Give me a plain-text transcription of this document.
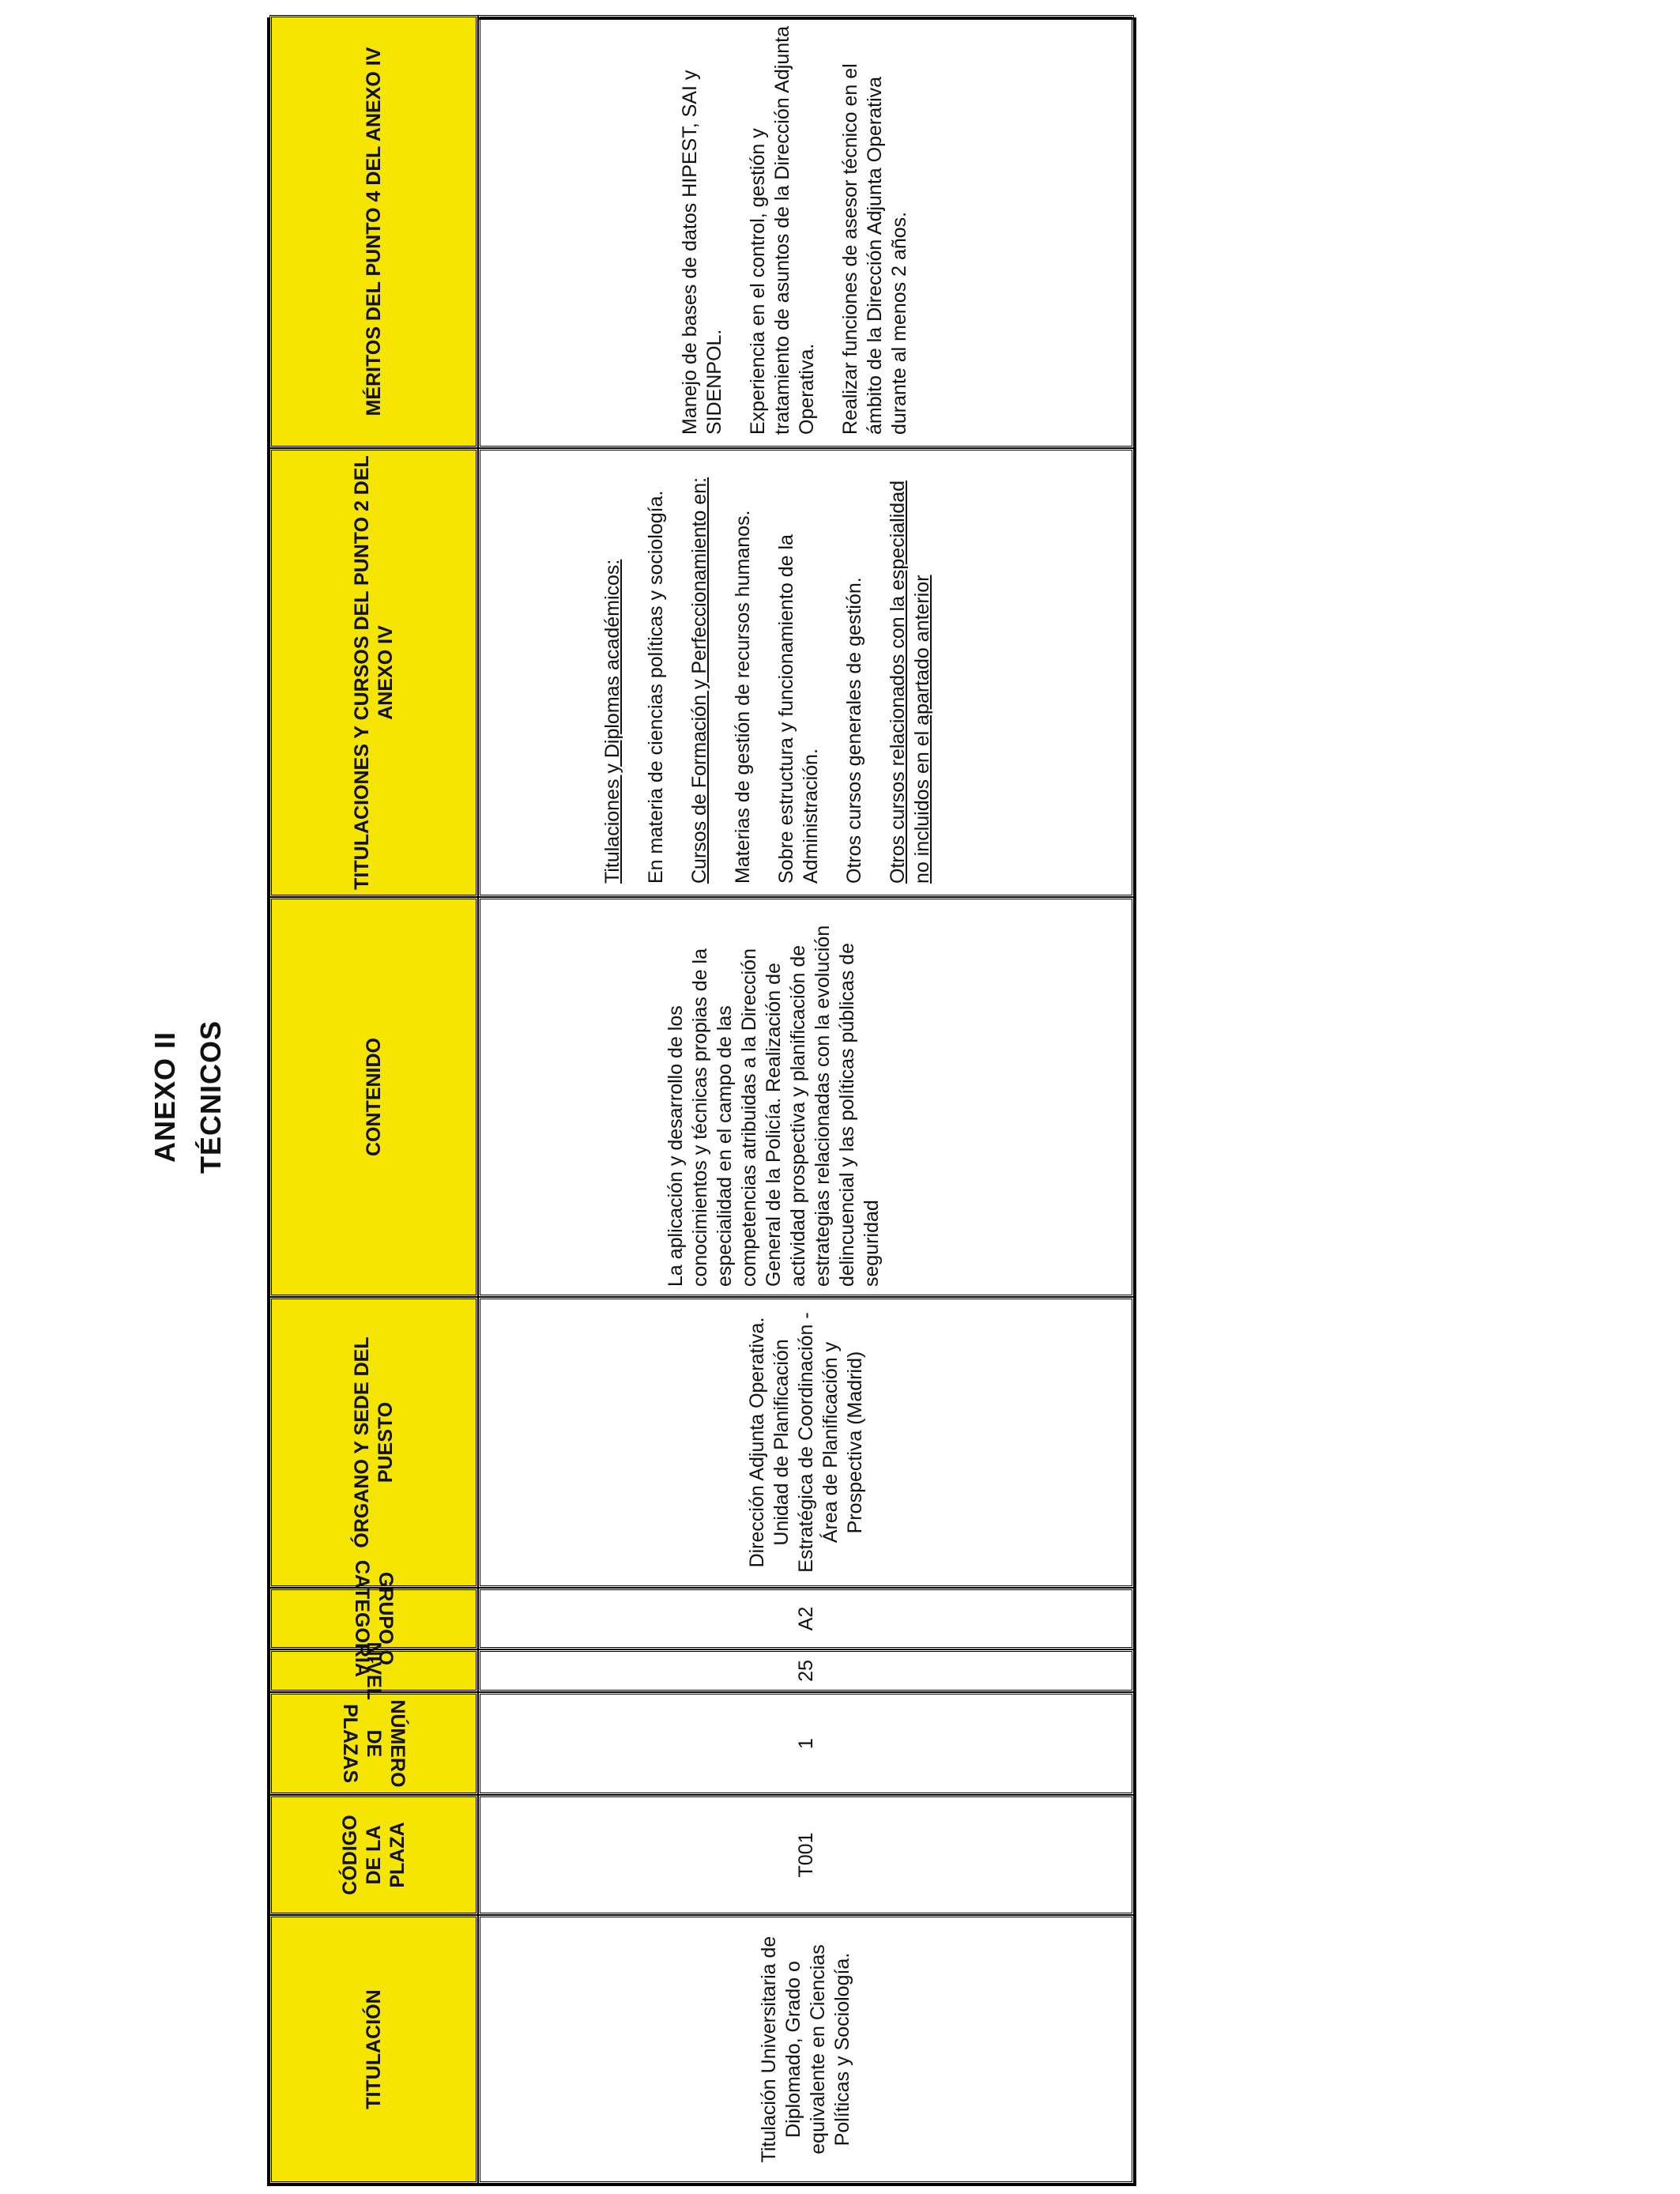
ANEXO II TÉCNICOS
TITULACIÓN
CÓDIGO DE LA PLAZA
NÚMERO DE PLAZAS
NIVEL
GRUPO O CATEGORÍA
ÓRGANO Y SEDE DEL PUESTO
CONTENIDO
TITULACIONES Y CURSOS DEL PUNTO 2 DEL ANEXO IV
MÉRITOS DEL PUNTO 4 DEL ANEXO IV
Titulación Universitaria de Diplomado, Grado o equivalente en Ciencias Políticas y Sociología.
T001
1
25
A2
Dirección Adjunta Operativa. Unidad de Planificación Estratégica de Coordinación - Área de Planificación y Prospectiva (Madrid)
La aplicación y desarrollo de los conocimientos y técnicas propias de la especialidad en el campo de las competencias atribuidas a la Dirección General de la Policía. Realización de actividad prospectiva y planificación de estrategias relacionadas con la evolución delincuencial y las políticas públicas de seguridad

Titulaciones y Diplomas académicos: En materia de ciencias políticas y sociología. Cursos de Formación y Perfeccionamiento en: Materias de gestión de recursos humanos. Sobre estructura y funcionamiento de la Administración. Otros cursos generales de gestión. Otros cursos relacionados con la especialidad no incluidos en el apartado anterior

Manejo de bases de datos HIPEST, SAI y SIDENPOL. Experiencia en el control, gestión y tratamiento de asuntos de la Dirección Adjunta Operativa. Realizar funciones de asesor técnico en el ámbito de la Dirección Adjunta Operativa durante al menos 2 años.
